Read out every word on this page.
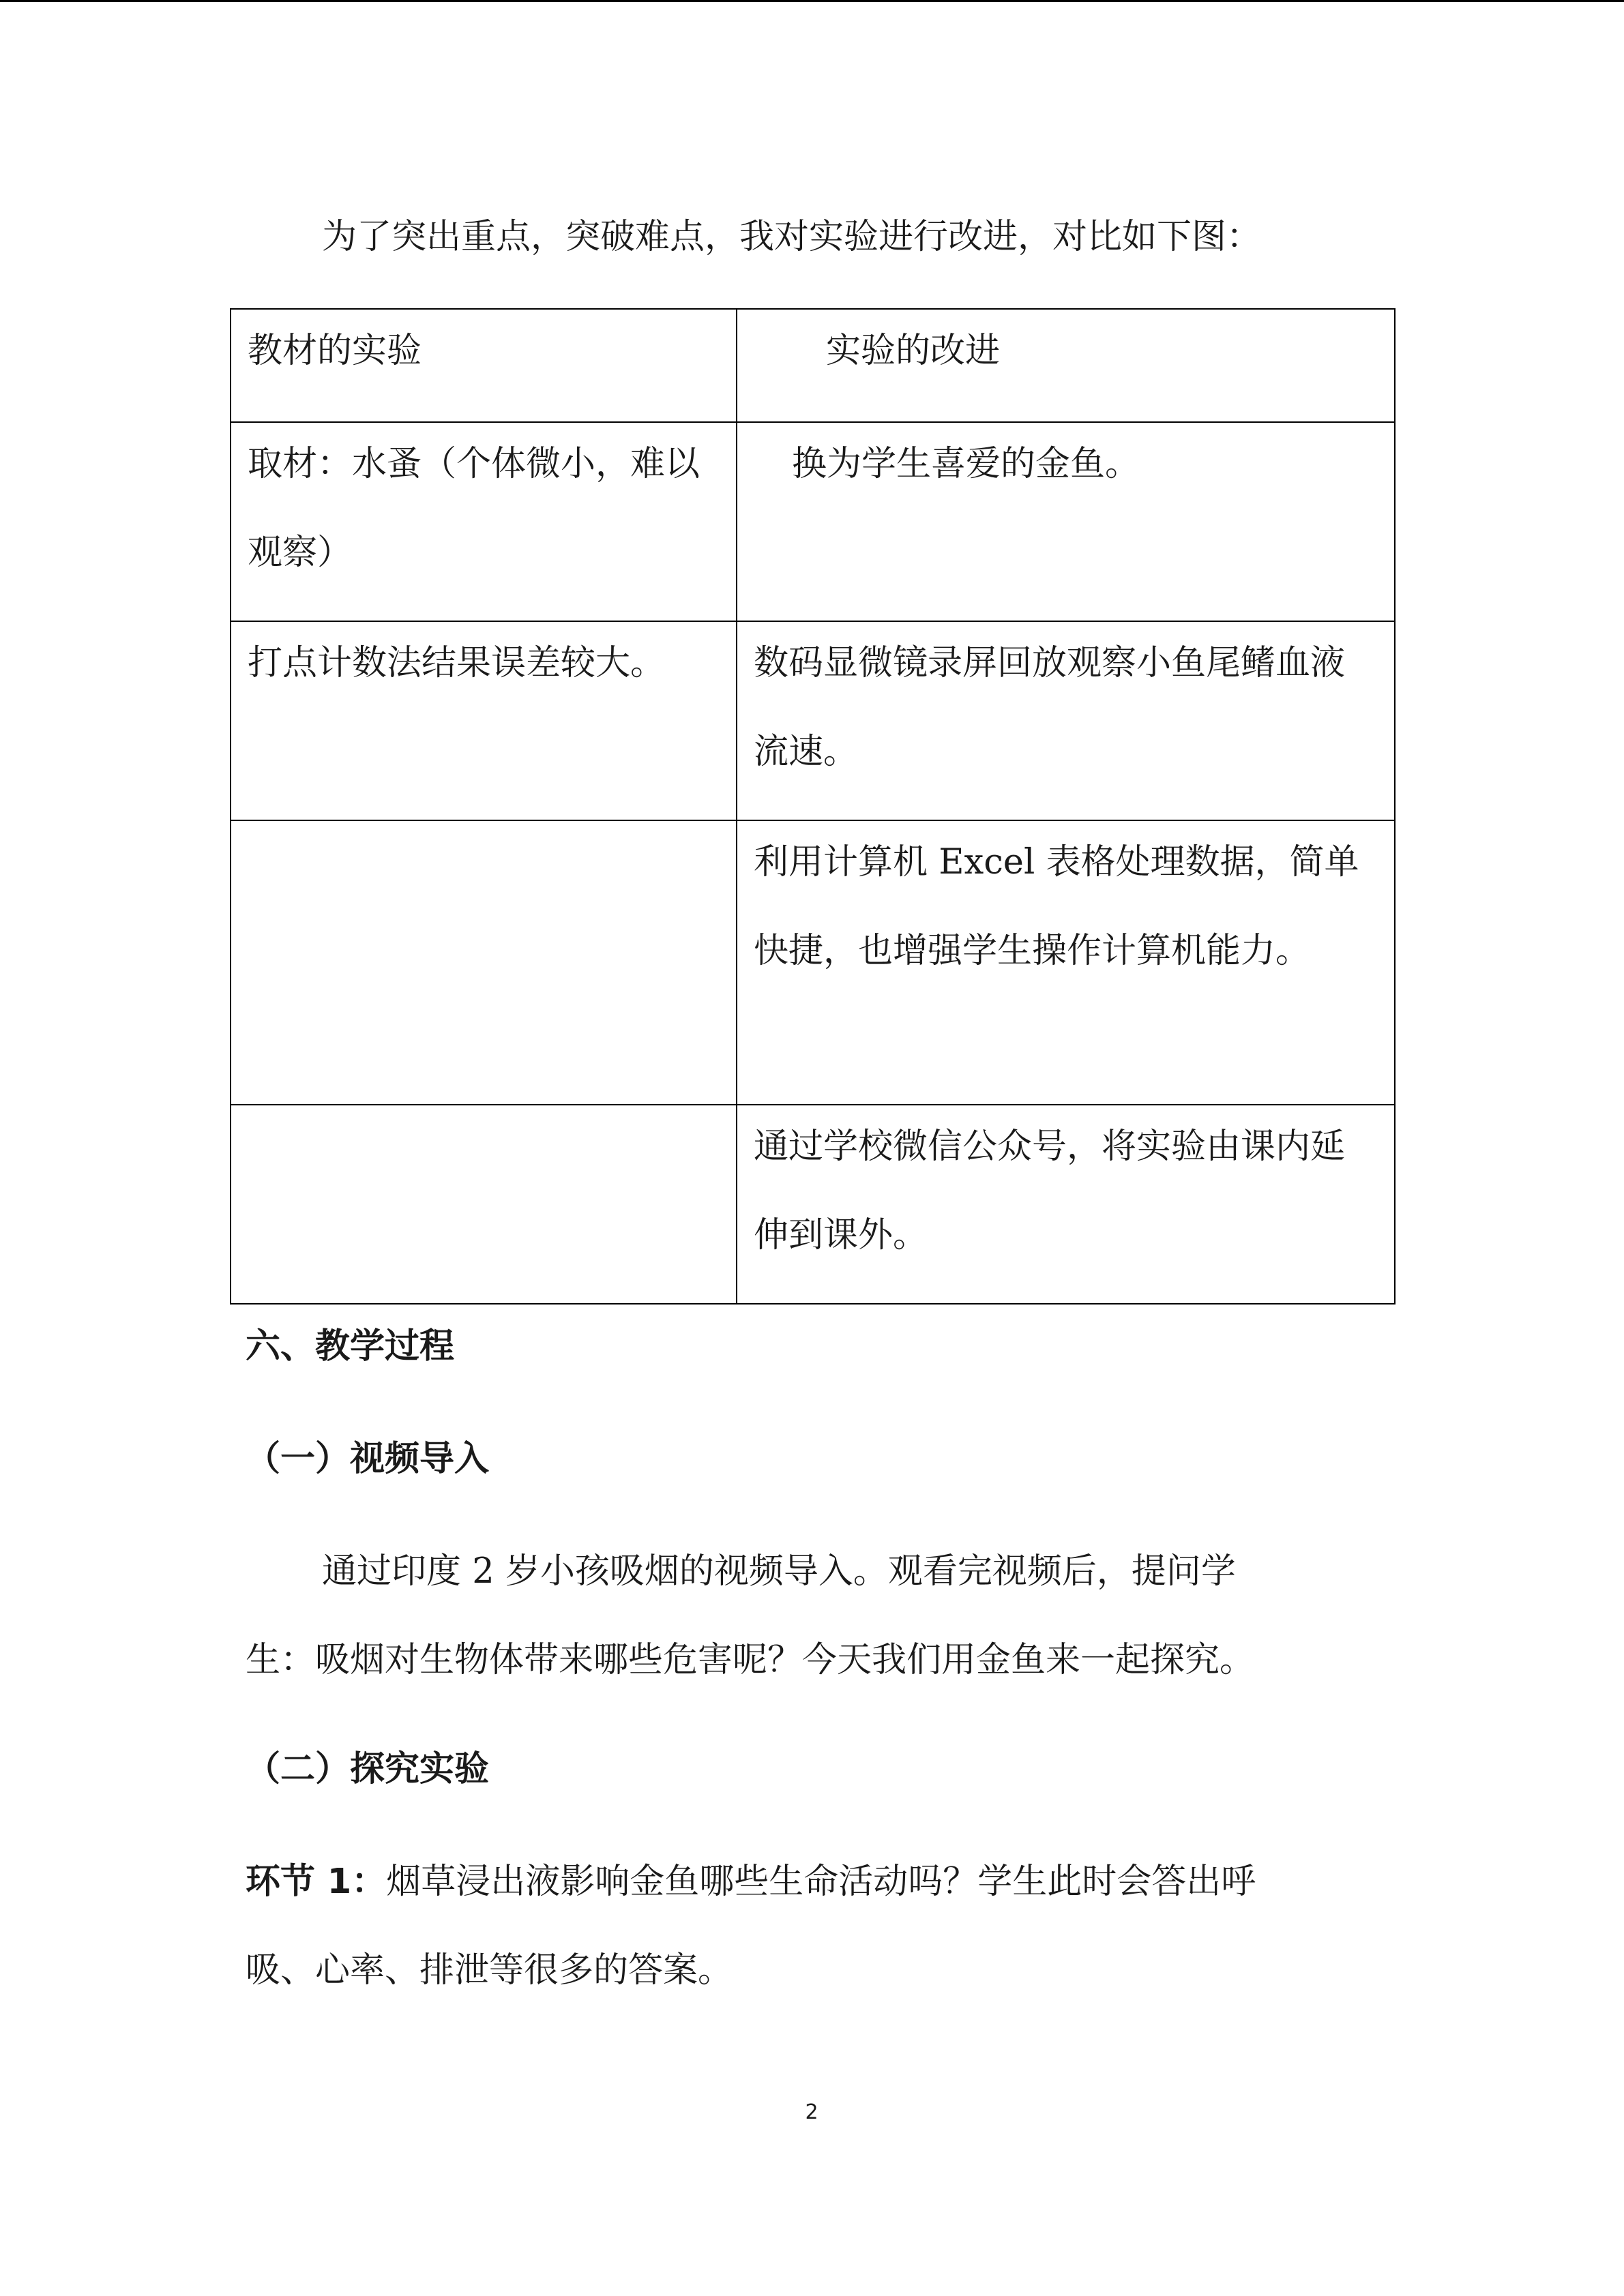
为了突出重点，突破难点，我对实验进行改进，对比如下图：

教材的实验	实验的改进

取材：水蚤（个体微小，难以观察）	换为学生喜爱的金鱼。

打点计数法结果误差较大。	数码显微镜录屏回放观察小鱼尾鳍血液流速。

	利用计算机 Excel 表格处理数据，简单快捷，也增强学生操作计算机能力。

	通过学校微信公众号，将实验由课内延伸到课外。

六、教学过程

（一）视频导入

通过印度 2 岁小孩吸烟的视频导入。观看完视频后，提问学

生：吸烟对生物体带来哪些危害呢？今天我们用金鱼来一起探究。

（二）探究实验

环节 1：烟草浸出液影响金鱼哪些生命活动吗？学生此时会答出呼

吸、心率、排泄等很多的答案。

2
